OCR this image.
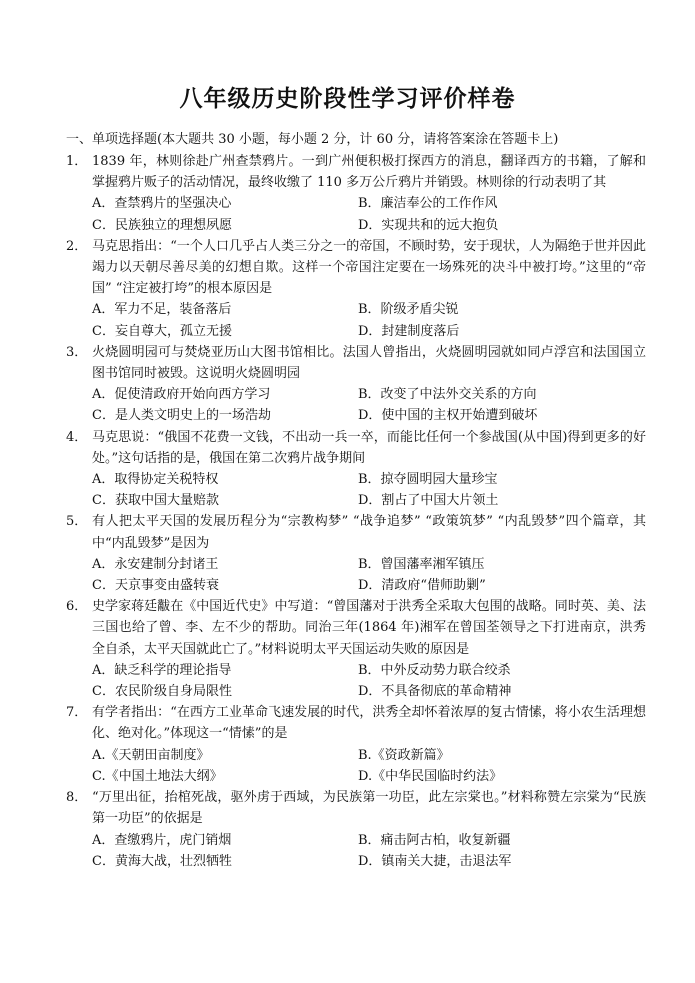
八年级历史阶段性学习评价样卷
一、单项选择题(本大题共 30 小题，每小题 2 分，计 60 分，请将答案涂在答题卡上)
1． 1839 年，林则徐赴广州查禁鸦片。一到广州便积极打探西方的消息，翻译西方的书籍，了解和掌握鸦片贩子的活动情况，最终收缴了 110 多万公斤鸦片并销毁。林则徐的行动表明了其
A．查禁鸦片的坚强决心	B．廉洁奉公的工作作风
C．民族独立的理想夙愿	D．实现共和的远大抱负
2． 马克思指出：“一个人口几乎占人类三分之一的帝国，不顾时势，安于现状，人为隔绝于世并因此竭力以天朝尽善尽美的幻想自欺。这样一个帝国注定要在一场殊死的决斗中被打垮。”这里的“帝国” “注定被打垮”的根本原因是
A．军力不足，装备落后	B．阶级矛盾尖锐
C．妄自尊大，孤立无援	D．封建制度落后
3． 火烧圆明园可与焚烧亚历山大图书馆相比。法国人曾指出，火烧圆明园就如同卢浮宫和法国国立图书馆同时被毁。这说明火烧圆明园
A．促使清政府开始向西方学习	B．改变了中法外交关系的方向
C．是人类文明史上的一场浩劫	D．使中国的主权开始遭到破坏
4． 马克思说：“俄国不花费一文钱，不出动一兵一卒，而能比任何一个参战国(从中国)得到更多的好处。”这句话指的是，俄国在第二次鸦片战争期间
A．取得协定关税特权	B．掠夺圆明园大量珍宝
C．获取中国大量赔款	D．割占了中国大片领土
5． 有人把太平天国的发展历程分为“宗教构梦” “战争追梦” “政策筑梦” “内乱毁梦”四个篇章，其中“内乱毁梦”是因为
A．永安建制分封诸王	B．曾国藩率湘军镇压
C．天京事变由盛转衰	D．清政府“借师助剿”
6． 史学家蒋廷黻在《中国近代史》中写道：“曾国藩对于洪秀全采取大包围的战略。同时英、美、法三国也给了曾、李、左不少的帮助。同治三年(1864 年)湘军在曾国荃领导之下打进南京，洪秀全自杀，太平天国就此亡了。”材料说明太平天国运动失败的原因是
A．缺乏科学的理论指导	B．中外反动势力联合绞杀
C．农民阶级自身局限性	D．不具备彻底的革命精神
7． 有学者指出：“在西方工业革命飞速发展的时代，洪秀全却怀着浓厚的复古情愫，将小农生活理想化、绝对化。”体现这一“情愫”的是
A.《天朝田亩制度》	B.《资政新篇》
C.《中国土地法大纲》	D.《中华民国临时约法》
8． “万里出征，抬棺死战，驱外虏于西域，为民族第一功臣，此左宗棠也。”材料称赞左宗棠为“民族第一功臣”的依据是
A．查缴鸦片，虎门销烟	B．痛击阿古柏，收复新疆
C．黄海大战，壮烈牺牲	D．镇南关大捷，击退法军
